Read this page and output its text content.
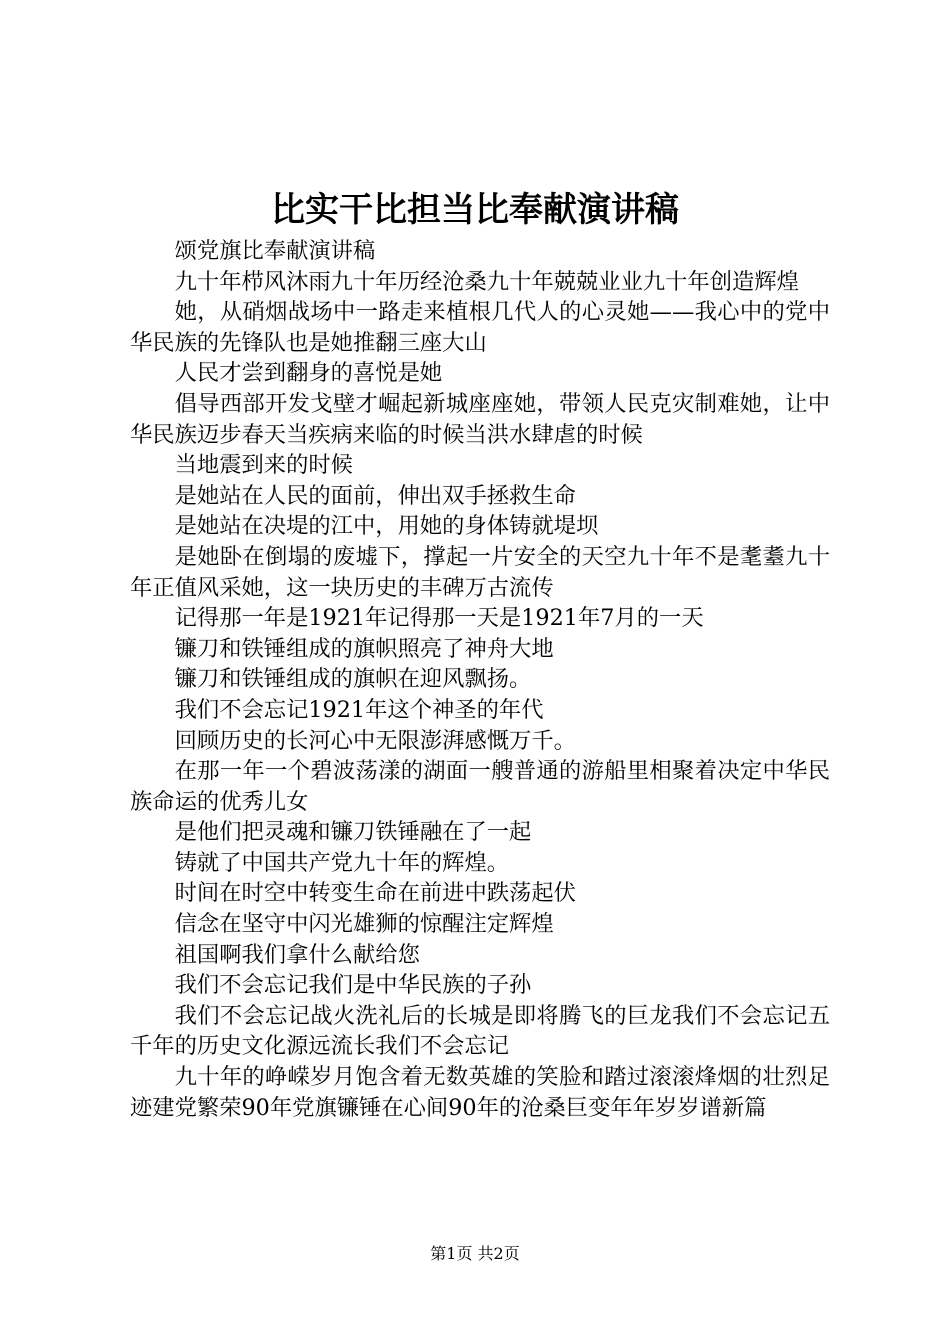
比实干比担当比奉献演讲稿

颂党旗比奉献演讲稿

九十年栉风沐雨九十年历经沧桑九十年兢兢业业九十年创造辉煌

她，从硝烟战场中一路走来植根几代人的心灵她——我心中的党中华民族的先锋队也是她推翻三座大山

人民才尝到翻身的喜悦是她

倡导西部开发戈壁才崛起新城座座她，带领人民克灾制难她，让中华民族迈步春天当疾病来临的时候当洪水肆虐的时候

当地震到来的时候

是她站在人民的面前，伸出双手拯救生命

是她站在决堤的江中，用她的身体铸就堤坝

是她卧在倒塌的废墟下，撑起一片安全的天空九十年不是耄耋九十年正值风采她，这一块历史的丰碑万古流传

记得那一年是1921年记得那一天是1921年7月的一天

镰刀和铁锤组成的旗帜照亮了神舟大地

镰刀和铁锤组成的旗帜在迎风飘扬。

我们不会忘记1921年这个神圣的年代

回顾历史的长河心中无限澎湃感慨万千。

在那一年一个碧波荡漾的湖面一艘普通的游船里相聚着决定中华民族命运的优秀儿女

是他们把灵魂和镰刀铁锤融在了一起

铸就了中国共产党九十年的辉煌。

时间在时空中转变生命在前进中跌荡起伏

信念在坚守中闪光雄狮的惊醒注定辉煌

祖国啊我们拿什么献给您

我们不会忘记我们是中华民族的子孙

我们不会忘记战火洗礼后的长城是即将腾飞的巨龙我们不会忘记五千年的历史文化源远流长我们不会忘记

九十年的峥嵘岁月饱含着无数英雄的笑脸和踏过滚滚烽烟的壮烈足迹建党繁荣90年党旗镰锤在心间90年的沧桑巨变年年岁岁谱新篇

第1页 共2页
